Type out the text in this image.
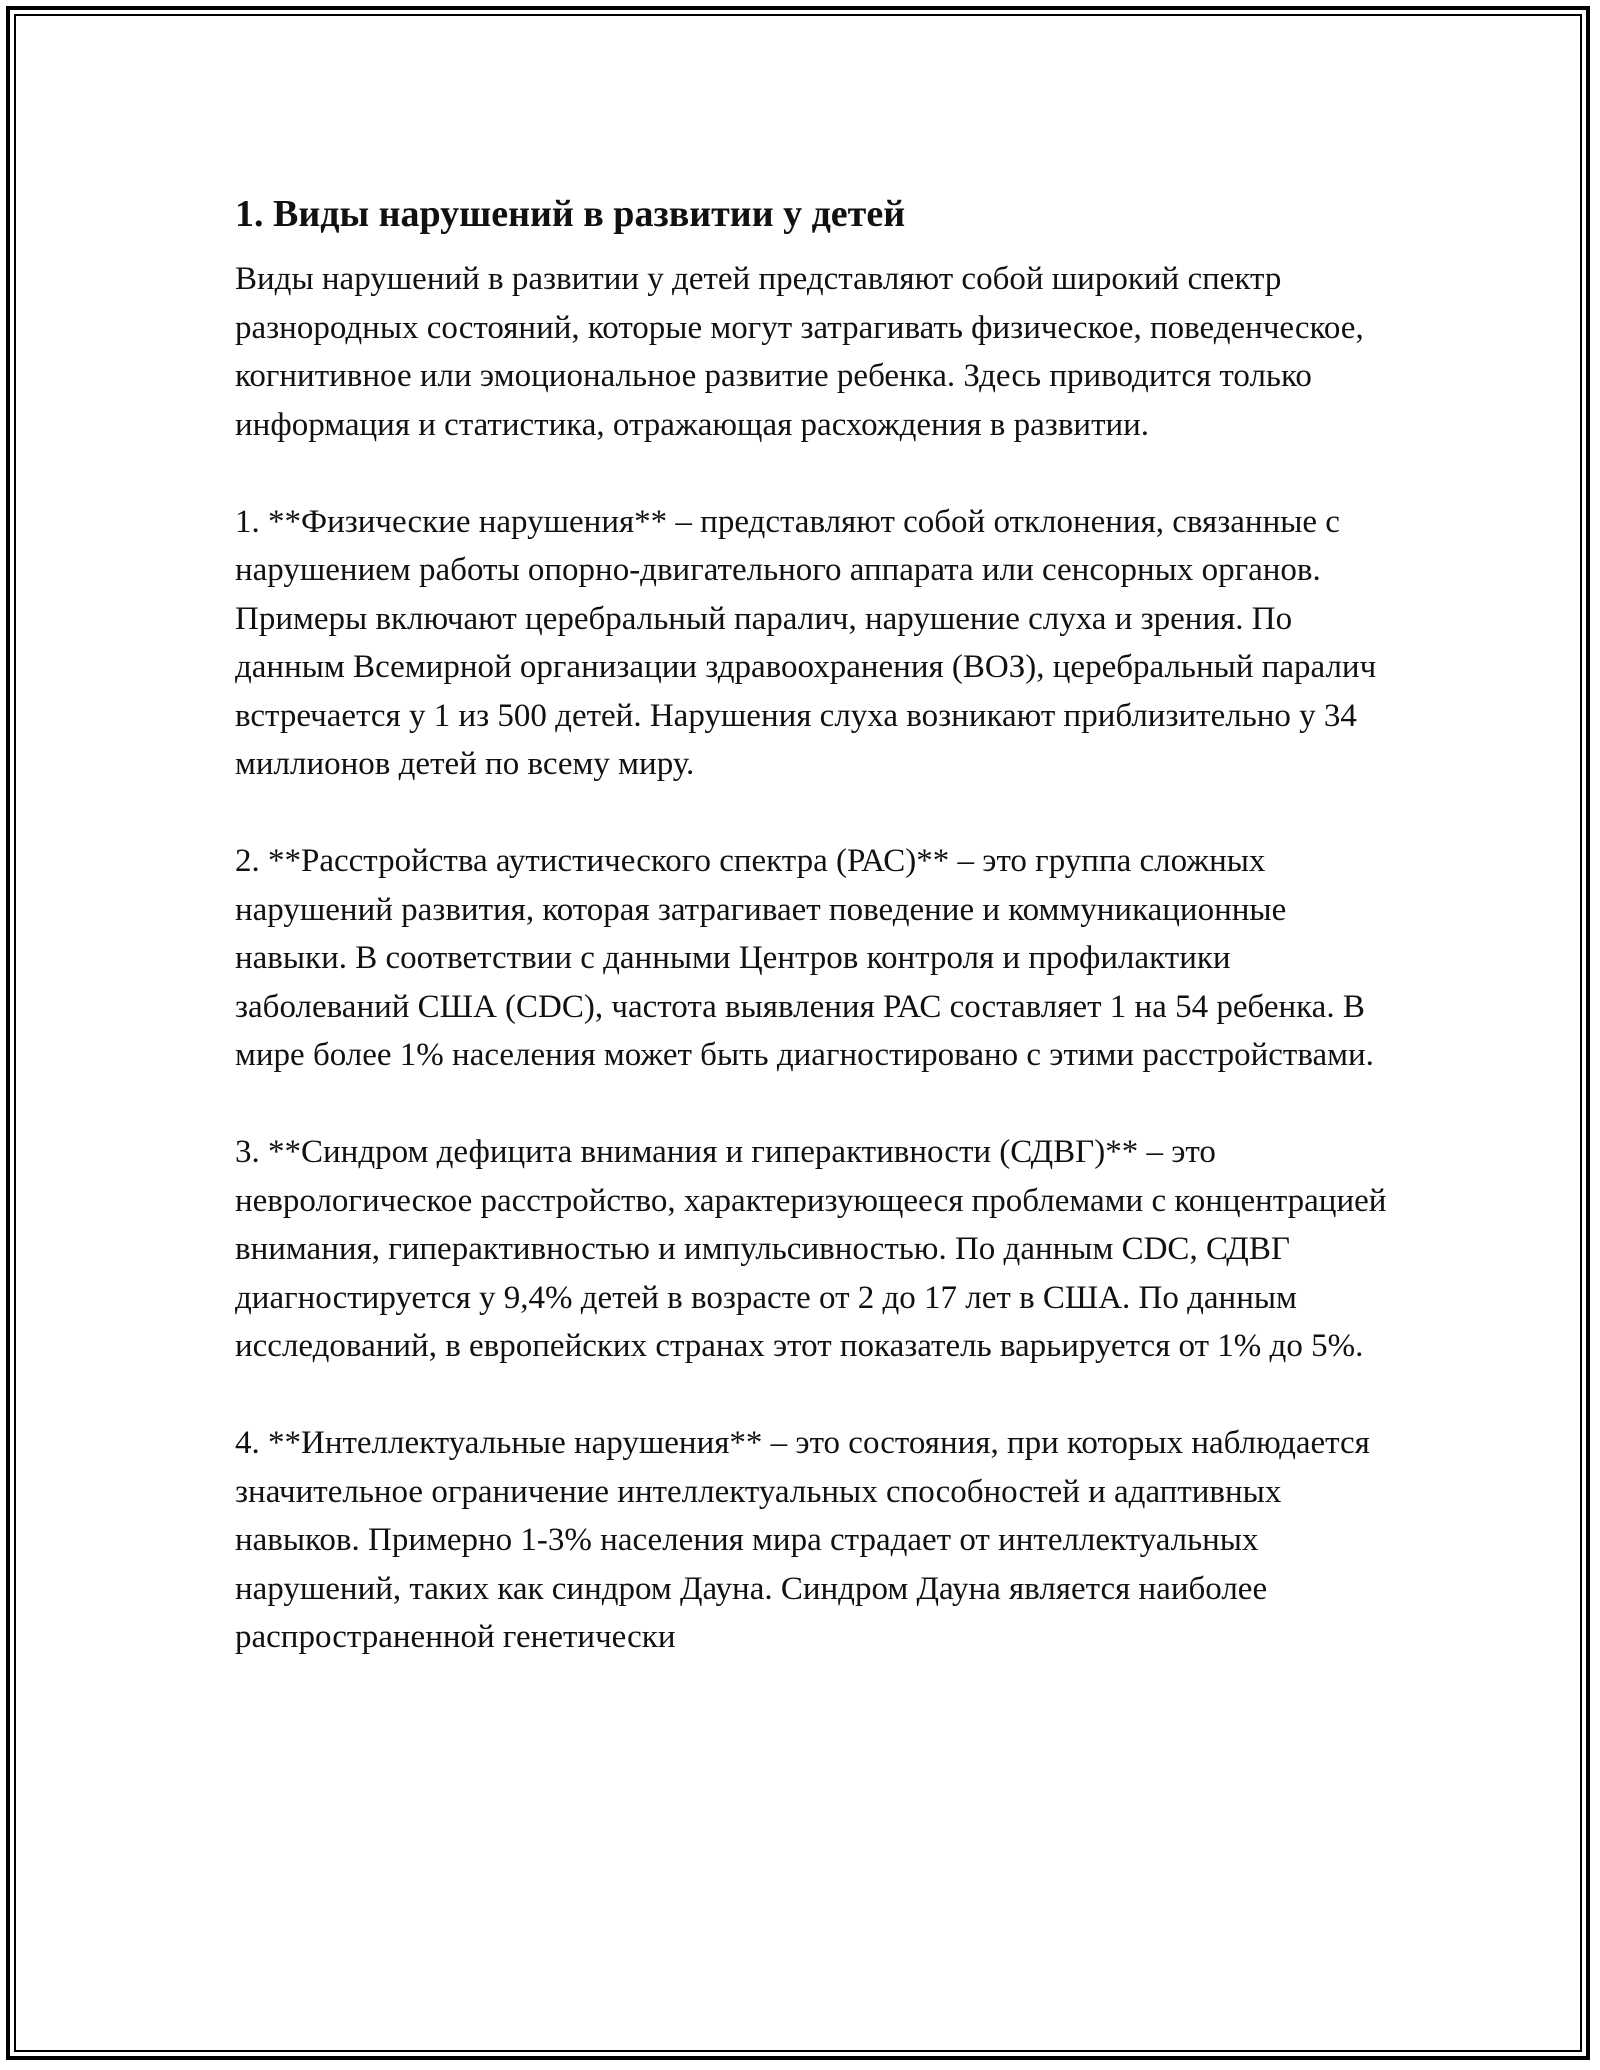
1. Виды нарушений в развитии у детей

Виды нарушений в развитии у детей представляют собой широкий спектр разнородных состояний, которые могут затрагивать физическое, поведенческое, когнитивное или эмоциональное развитие ребенка. Здесь приводится только информация и статистика, отражающая расхождения в развитии.

1. **Физические нарушения** – представляют собой отклонения, связанные с нарушением работы опорно-двигательного аппарата или сенсорных органов. Примеры включают церебральный паралич, нарушение слуха и зрения. По данным Всемирной организации здравоохранения (ВОЗ), церебральный паралич встречается у 1 из 500 детей. Нарушения слуха возникают приблизительно у 34 миллионов детей по всему миру.

2. **Расстройства аутистического спектра (РАС)** – это группа сложных нарушений развития, которая затрагивает поведение и коммуникационные навыки. В соответствии с данными Центров контроля и профилактики заболеваний США (CDC), частота выявления РАС составляет 1 на 54 ребенка. В мире более 1% населения может быть диагностировано с этими расстройствами.

3. **Синдром дефицита внимания и гиперактивности (СДВГ)** – это неврологическое расстройство, характеризующееся проблемами с концентрацией внимания, гиперактивностью и импульсивностью. По данным CDC, СДВГ диагностируется у 9,4% детей в возрасте от 2 до 17 лет в США. По данным исследований, в европейских странах этот показатель варьируется от 1% до 5%.

4. **Интеллектуальные нарушения** – это состояния, при которых наблюдается значительное ограничение интеллектуальных способностей и адаптивных навыков. Примерно 1-3% населения мира страдает от интеллектуальных нарушений, таких как синдром Дауна. Синдром Дауна является наиболее распространенной генетически
